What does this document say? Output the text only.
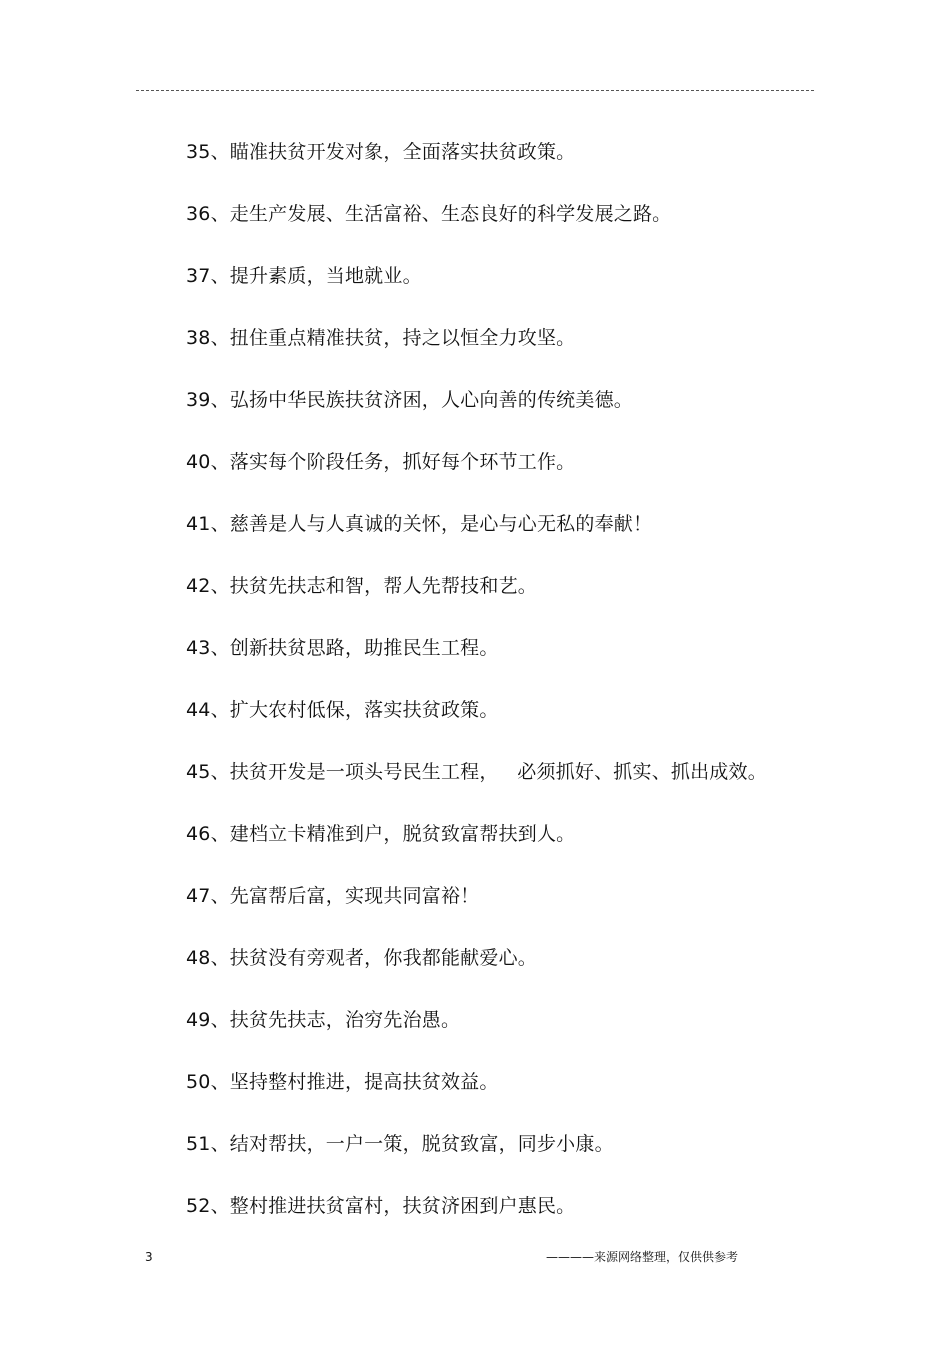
35、瞄准扶贫开发对象，全面落实扶贫政策。
36、走生产发展、生活富裕、生态良好的科学发展之路。
37、提升素质，当地就业。
38、扭住重点精准扶贫，持之以恒全力攻坚。
39、弘扬中华民族扶贫济困，人心向善的传统美德。
40、落实每个阶段任务，抓好每个环节工作。
41、慈善是人与人真诚的关怀，是心与心无私的奉献！
42、扶贫先扶志和智，帮人先帮技和艺。
43、创新扶贫思路，助推民生工程。
44、扩大农村低保，落实扶贫政策。
45、扶贫开发是一项头号民生工程，   必须抓好、抓实、抓出成效。
46、建档立卡精准到户，脱贫致富帮扶到人。
47、先富帮后富，实现共同富裕！
48、扶贫没有旁观者，你我都能献爱心。
49、扶贫先扶志，治穷先治愚。
50、坚持整村推进，提高扶贫效益。
51、结对帮扶，一户一策，脱贫致富，同步小康。
52、整村推进扶贫富村，扶贫济困到户惠民。
3	————来源网络整理，仅供供参考
